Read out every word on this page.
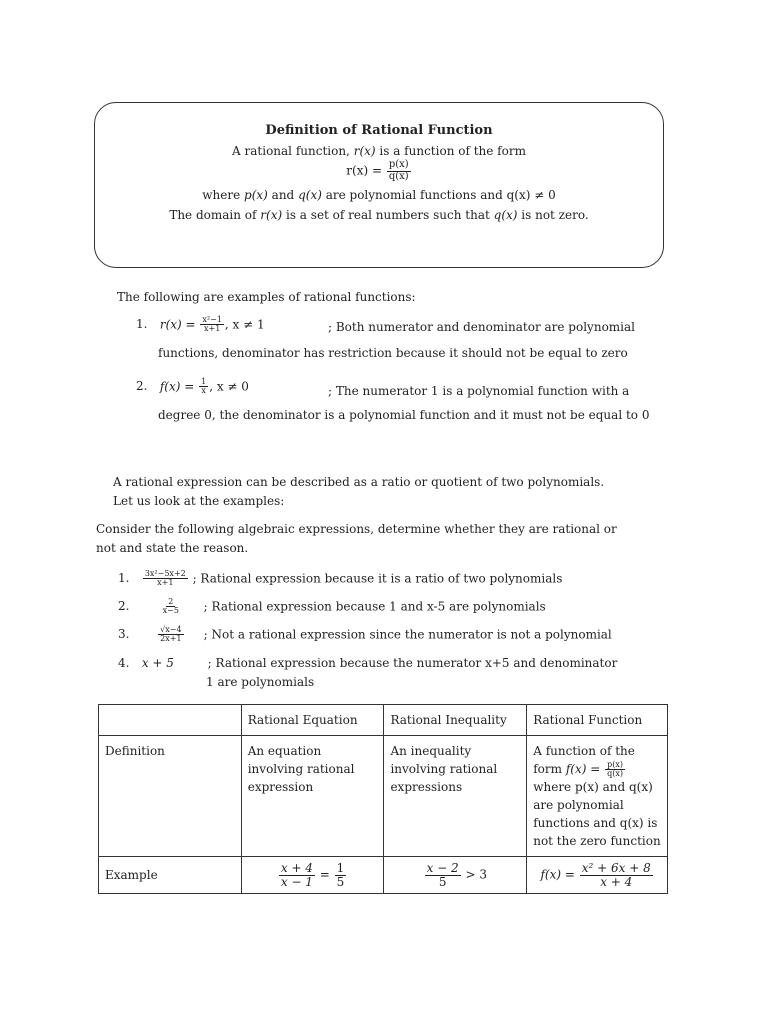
Definition of Rational Function
A rational function, r(x) is a function of the form
$r(x) = \frac{p(x)}{q(x)}$
where p(x) and q(x) are polynomial functions and q(x) ≠ 0
The domain of r(x) is a set of real numbers such that q(x) is not zero.
The following are examples of rational functions:
1. $r(x) = \frac{\text{x²−1}}{x+1}$ , x ≠ 1	; Both numerator and denominator are polynomial
functions, denominator has restriction because it should not be equal to zero
2. $f(x) = \frac{1}{x}$ , x ≠ 0	; The numerator 1 is a polynomial function with a
degree 0, the denominator is a polynomial function and it must not be equal to 0
A rational expression can be described as a ratio or quotient of two polynomials.
Let us look at the examples:
Consider the following algebraic expressions, determine whether they are rational or
not and state the reason.
1. $\frac{\text{3x²−5x+2}}{x+1}$ ; Rational expression because it is a ratio of two polynomials
2. $\frac{2}{x-5}$ ; Rational expression because 1 and x-5 are polynomials
3. $\frac{√x-4}{2x+1}$ ; Not a rational expression since the numerator is not a polynomial
4. x + 5	; Rational expression because the numerator x+5 and denominator
1 are polynomials
	Rational Equation	Rational Inequality	Rational Function
Definition	An equation involving rational expression	An inequality involving rational expressions	A function of the form $f(x) = \frac{p(x)}{q(x)}$
where p(x) and q(x) are polynomial functions and q(x) is not the zero function
Example	$\frac{x + 4}{x - 1} = \frac{1}{5}$	$\frac{x - 2}{5} > 3$	$f(x) = \frac{\text{x² + 6x + 8}}{x + 4}$
